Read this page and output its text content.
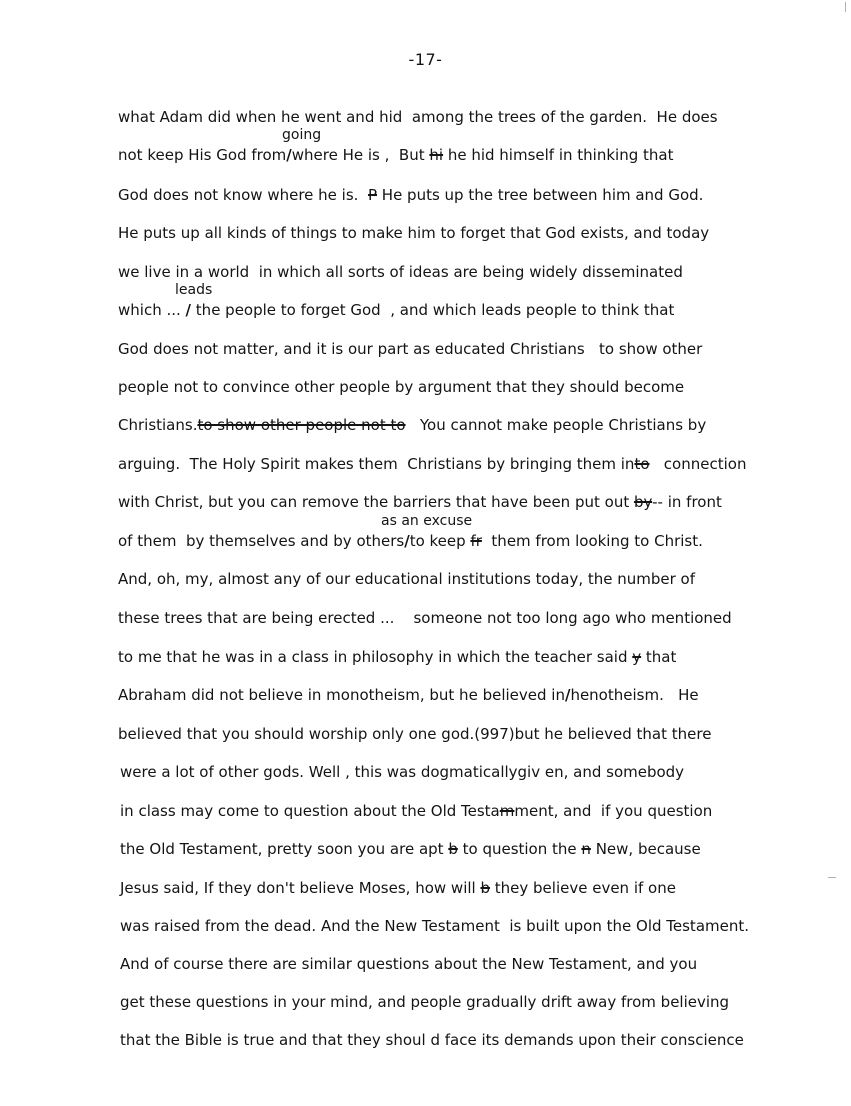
-17-
what Adam did when he went and hid  among the trees of the garden.  He does
not keep His God from/where He is ,  But hi he hid himself in thinking that
God does not know where he is.  P He puts up the tree between him and God.
He puts up all kinds of things to make him to forget that God exists, and today
we live in a world  in which all sorts of ideas are being widely disseminated
which ... / the people to forget God  , and which leads people to think that
God does not matter, and it is our part as educated Christians   to show other
people not to convince other people by argument that they should become
Christians.to show other people not to   You cannot make people Christians by
arguing.  The Holy Spirit makes them  Christians by bringing them into   connection
with Christ, but you can remove the barriers that have been put out by-- in front
of them  by themselves and by others/to keep fr  them from looking to Christ.
And, oh, my, almost any of our educational institutions today, the number of
these trees that are being erected ...    someone not too long ago who mentioned
to me that he was in a class in philosophy in which the teacher said y that
Abraham did not believe in monotheism, but he believed in/henotheism.   He
believed that you should worship only one god.(997)but he believed that there
were a lot of other gods. Well , this was dogmaticallygiv en, and somebody
in class may come to question about the Old Testamment, and  if you question
the Old Testament, pretty soon you are apt b to question the n New, because
Jesus said, If they don't believe Moses, how will b they believe even if one
was raised from the dead. And the New Testament  is built upon the Old Testament.
And of course there are similar questions about the New Testament, and you
get these questions in your mind, and people gradually drift away from believing
that the Bible is true and that they shoul d face its demands upon their conscience
going
leads
as an excuse
